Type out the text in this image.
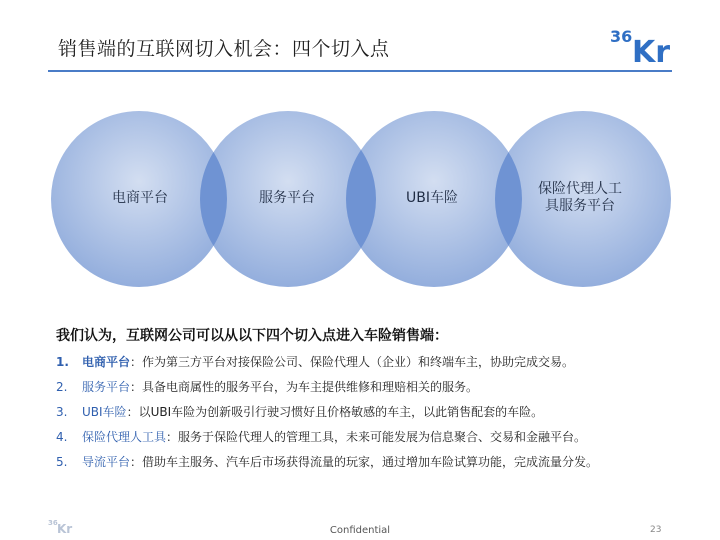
销售端的互联网切入机会：四个切入点
36 Kr
电商平台	服务平台	UBI车险
保险代理人工
具服务平台
我们认为，互联网公司可以从以下四个切入点进入车险销售端：
1.	电商平台：作为第三方平台对接保险公司、保险代理人（企业）和终端车主，协助完成交易。
2.	服务平台：具备电商属性的服务平台，为车主提供维修和理赔相关的服务。
3.	UBI车险：以UBI车险为创新吸引行驶习惯好且价格敏感的车主，以此销售配套的车险。
4.	保险代理人工具：服务于保险代理人的管理工具，未来可能发展为信息聚合、交易和金融平台。
5.	导流平台：借助车主服务、汽车后市场获得流量的玩家，通过增加车险试算功能，完成流量分发。
36 Kr	Confidential	23
